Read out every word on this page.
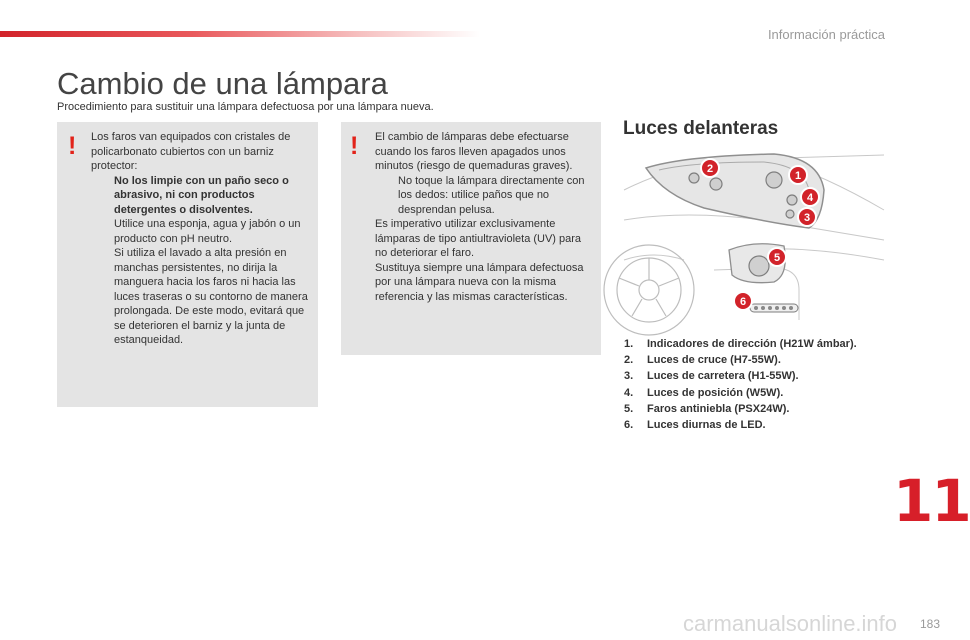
Información práctica
Cambio de una lámpara
Procedimiento para sustituir una lámpara defectuosa por una lámpara nueva.
! Los faros van equipados con cristales de policarbonato cubiertos con un barniz protector:
No los limpie con un paño seco o abrasivo, ni con productos detergentes o disolventes.
Utilice una esponja, agua y jabón o un producto con pH neutro.
Si utiliza el lavado a alta presión en manchas persistentes, no dirija la manguera hacia los faros ni hacia las luces traseras o su contorno de manera prolongada. De este modo, evitará que se deterioren el barniz y la junta de estanqueidad.
! El cambio de lámparas debe efectuarse cuando los faros lleven apagados unos minutos (riesgo de quemaduras graves).
No toque la lámpara directamente con los dedos: utilice paños que no desprendan pelusa.
Es imperativo utilizar exclusivamente lámparas de tipo antiultravioleta (UV) para no deteriorar el faro.
Sustituya siempre una lámpara defectuosa por una lámpara nueva con la misma referencia y las mismas características.
Luces delanteras
1
2
3
4
5
6
1. Indicadores de dirección (H21W ámbar).
2. Luces de cruce (H7-55W).
3. Luces de carretera (H1-55W).
4. Luces de posición (W5W).
5. Faros antiniebla (PSX24W).
6. Luces diurnas de LED.
11
183
carmanualsonline.info
